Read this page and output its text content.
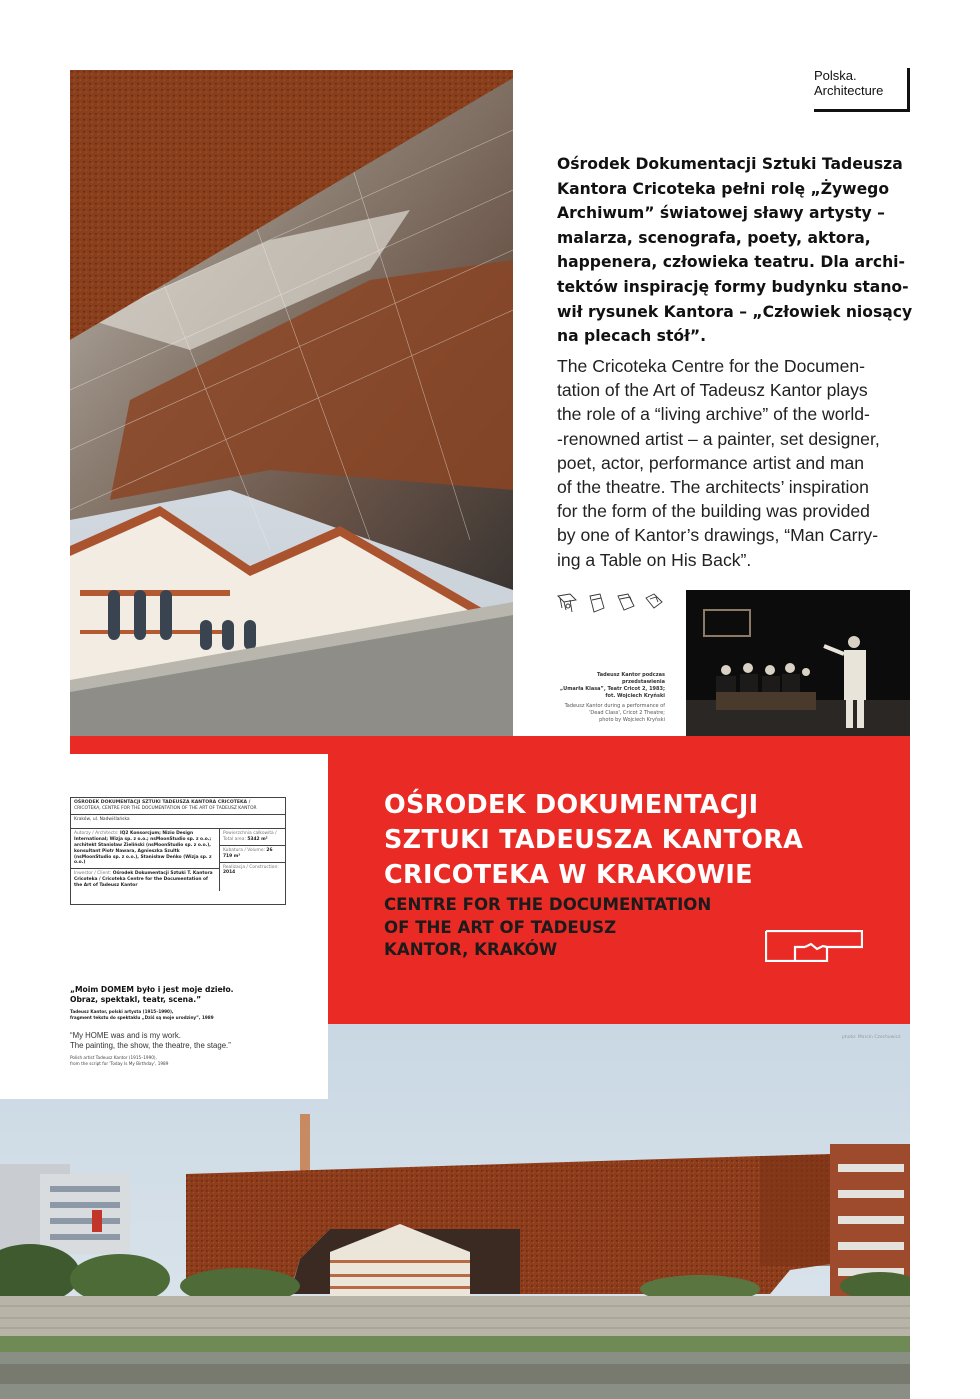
Polska.
Architecture
Ośrodek Dokumentacji Sztuki Tadeusza
Kantora Cricoteka pełni rolę „Żywego
Archiwum” światowej sławy artysty –
malarza, scenografa, poety, aktora,
happenera, człowieka teatru. Dla archi-
tektów inspirację formy budynku stano-
wił rysunek Kantora – „Człowiek niosący
na plecach stół”.
The Cricoteka Centre for the Documen-
tation of the Art of Tadeusz Kantor plays
the role of a “living archive” of the world-
-renowned artist – a painter, set designer,
poet, actor, performance artist and man
of the theatre. The architects’ inspiration
for the form of the building was provided
by one of Kantor’s drawings, “Man Carry-
ing a Table on His Back”.
Tadeusz Kantor podczas przedstawienia
„Umarła Klasa”, Teatr Cricot 2, 1983;
fot. Wojciech Kryński
Tadeusz Kantor during a performance of
'Dead Class', Cricot 2 Theatre;
photo by Wojciech Kryński
OŚRODEK DOKUMENTACJI
SZTUKI TADEUSZA KANTORA
CRICOTEKA W KRAKOWIE
CENTRE FOR THE DOCUMENTATION
OF THE ART OF TADEUSZ
KANTOR, KRAKÓW
OŚRODEK DOKUMENTACJI SZTUKI TADEUSZA KANTORA CRICOTEKA /
CRICOTEKA, CENTRE FOR THE DOCUMENTATION OF THE ART OF TADEUSZ KANTOR
Kraków, ul. Nadwiślańska
Autorzy / Architects: IQ2 Konsorcjum; Nizio Design International; Wizja sp. z o.o.; nsMoonStudio sp. z o.o.; architekt Stanisław Zieliński (nsMoonStudio sp. z o.o.), konsultant Piotr Nawara, Agnieszka Szultk (nsMoonStudio sp. z o.o.), Stanisław Deńko (Wizja sp. z o.o.)
Inwestor / Client: Ośrodek Dokumentacji Sztuki T. Kantora Cricoteka / Cricoteka Centre for the Documentation of the Art of Tadeusz Kantor
Powierzchnia całkowita / Total area: 5342 m²
Kubatura / Volume: 26 719 m³
Realizacja / Construction: 2014
„Moim DOMEM było i jest moje dzieło.
Obraz, spektakl, teatr, scena.”
Tadeusz Kantor, polski artysta (1915–1990),
fragment tekstu do spektaklu „Dziś są moje urodziny”, 1989
“My HOME was and is my work.
The painting, the show, the theatre, the stage.”
Polish artist Tadeusz Kantor (1915–1990),
from the script for 'Today Is My Birthday', 1989
photo: Marcin Czechowicz
